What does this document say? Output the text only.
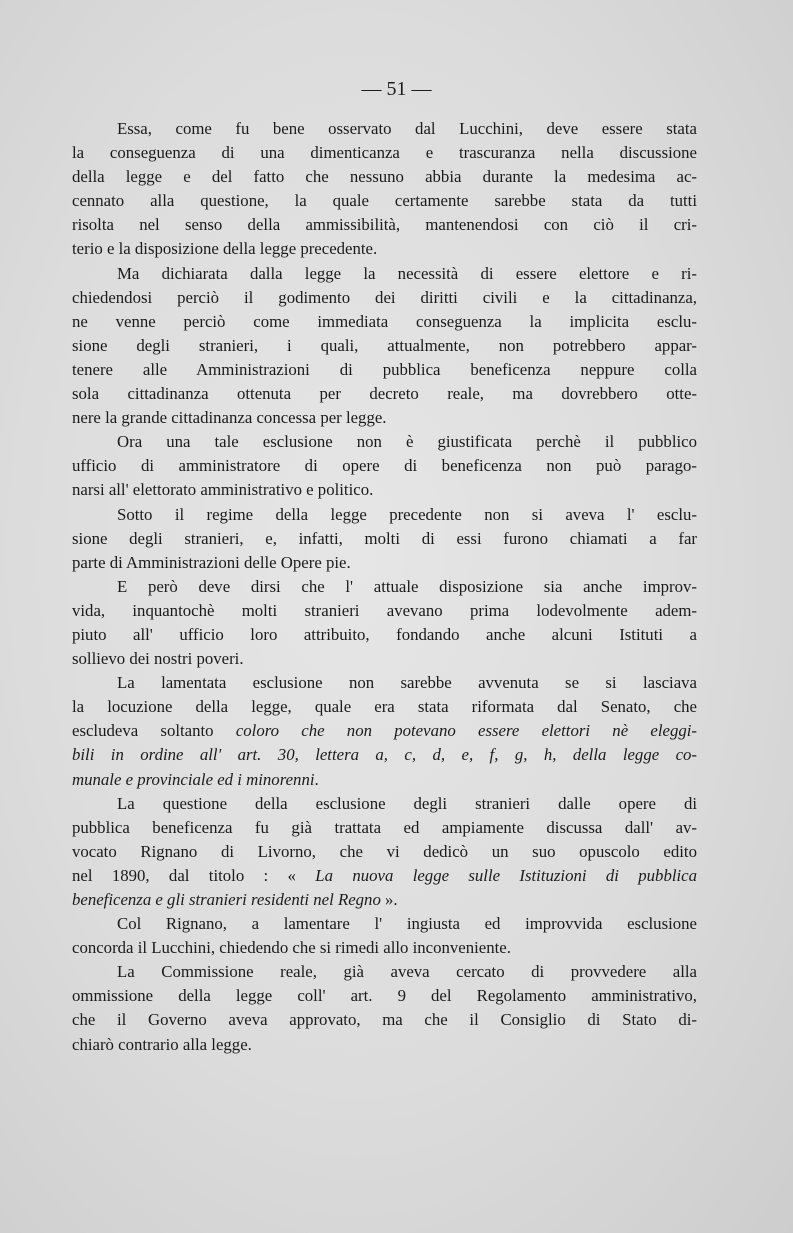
— 51 —

Essa, come fu bene osservato dal Lucchini, deve essere stata
la conseguenza di una dimenticanza e trascuranza nella discussione
della legge e del fatto che nessuno abbia durante la medesima ac-
cennato alla questione, la quale certamente sarebbe stata da tutti
risolta nel senso della ammissibilità, mantenendosi con ciò il cri-
terio e la disposizione della legge precedente.
Ma dichiarata dalla legge la necessità di essere elettore e ri-
chiedendosi perciò il godimento dei diritti civili e la cittadinanza,
ne venne perciò come immediata conseguenza la implicita esclu-
sione degli stranieri, i quali, attualmente, non potrebbero appar-
tenere alle Amministrazioni di pubblica beneficenza neppure colla
sola cittadinanza ottenuta per decreto reale, ma dovrebbero otte-
nere la grande cittadinanza concessa per legge.
Ora una tale esclusione non è giustificata perchè il pubblico
ufficio di amministratore di opere di beneficenza non può parago-
narsi all' elettorato amministrativo e politico.
Sotto il regime della legge precedente non si aveva l' esclu-
sione degli stranieri, e, infatti, molti di essi furono chiamati a far
parte di Amministrazioni delle Opere pie.
E però deve dirsi che l' attuale disposizione sia anche improv-
vida, inquantochè molti stranieri avevano prima lodevolmente adem-
piuto all' ufficio loro attribuito, fondando anche alcuni Istituti a
sollievo dei nostri poveri.
La lamentata esclusione non sarebbe avvenuta se si lasciava
la locuzione della legge, quale era stata riformata dal Senato, che
escludeva soltanto coloro che non potevano essere elettori nè eleggi-
bili in ordine all' art. 30, lettera a, c, d, e, f, g, h, della legge co-
munale e provinciale ed i minorenni.
La questione della esclusione degli stranieri dalle opere di
pubblica beneficenza fu già trattata ed ampiamente discussa dall' av-
vocato Rignano di Livorno, che vi dedicò un suo opuscolo edito
nel 1890, dal titolo : « La nuova legge sulle Istituzioni di pubblica
beneficenza e gli stranieri residenti nel Regno ».
Col Rignano, a lamentare l' ingiusta ed improvvida esclusione
concorda il Lucchini, chiedendo che si rimedi allo inconveniente.
La Commissione reale, già aveva cercato di provvedere alla
ommissione della legge coll' art. 9 del Regolamento amministrativo,
che il Governo aveva approvato, ma che il Consiglio di Stato di-
chiarò contrario alla legge.
